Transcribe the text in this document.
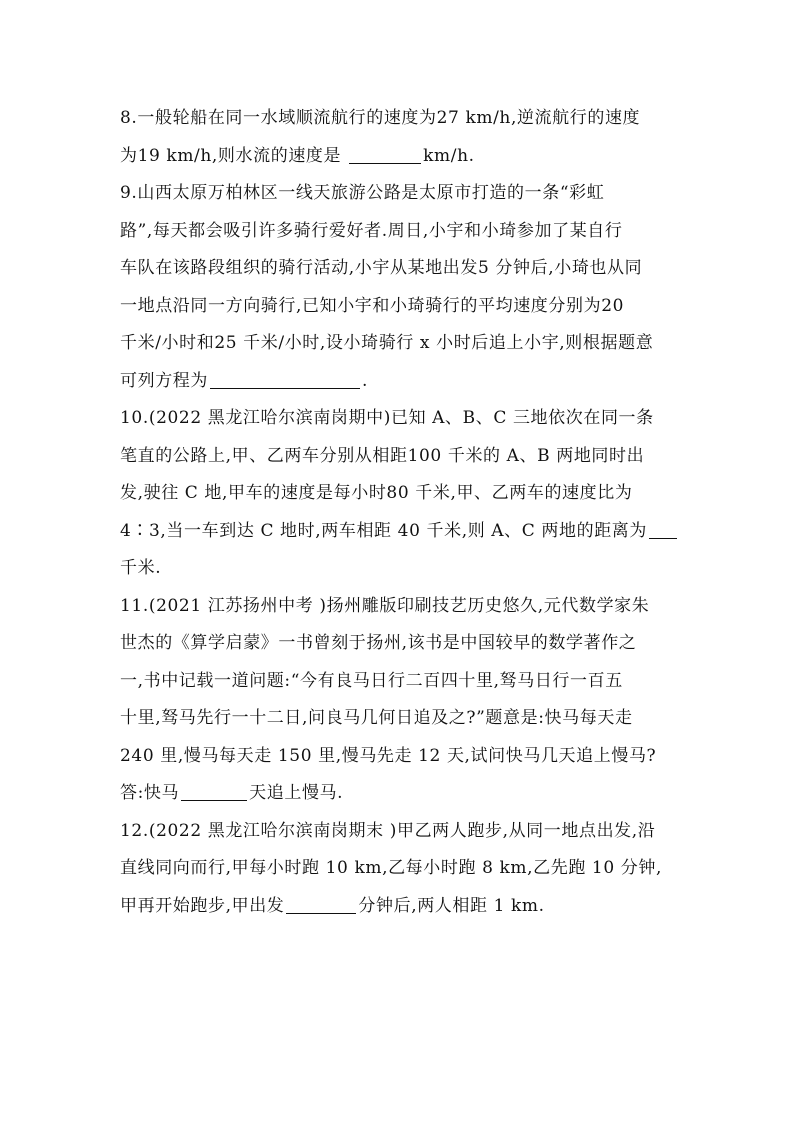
8.一般轮船在同一水域顺流航行的速度为27 km/h,逆流航行的速度
为19 km/h,则水流的速度是	km/h.
9.山西太原万柏林区一线天旅游公路是太原市打造的一条“彩虹
路”,每天都会吸引许多骑行爱好者.周日,小宇和小琦参加了某自行
车队在该路段组织的骑行活动,小宇从某地出发5 分钟后,小琦也从同
一地点沿同一方向骑行,已知小宇和小琦骑行的平均速度分别为20
千米/小时和25 千米/小时,设小琦骑行 x 小时后追上小宇,则根据题意
可列方程为	.
10.(2022 黑龙江哈尔滨南岗期中)已知 A、B、C 三地依次在同一条
笔直的公路上,甲、乙两车分别从相距100 千米的 A、B 两地同时出
发,驶往 C 地,甲车的速度是每小时80 千米,甲、乙两车的速度比为
4∶3,当一车到达 C 地时,两车相距 40 千米,则 A、C 两地的距离为
千米.
11.(2021 江苏扬州中考 )扬州雕版印刷技艺历史悠久,元代数学家朱
世杰的《算学启蒙》一书曾刻于扬州,该书是中国较早的数学著作之
一,书中记载一道问题:“今有良马日行二百四十里,驽马日行一百五
十里,驽马先行一十二日,问良马几何日追及之?”题意是:快马每天走
240 里,慢马每天走 150 里,慢马先走 12 天,试问快马几天追上慢马?
答:快马	天追上慢马.
12.(2022 黑龙江哈尔滨南岗期末 )甲乙两人跑步,从同一地点出发,沿
直线同向而行,甲每小时跑 10 km,乙每小时跑 8 km,乙先跑 10 分钟,
甲再开始跑步,甲出发	分钟后,两人相距 1 km.
